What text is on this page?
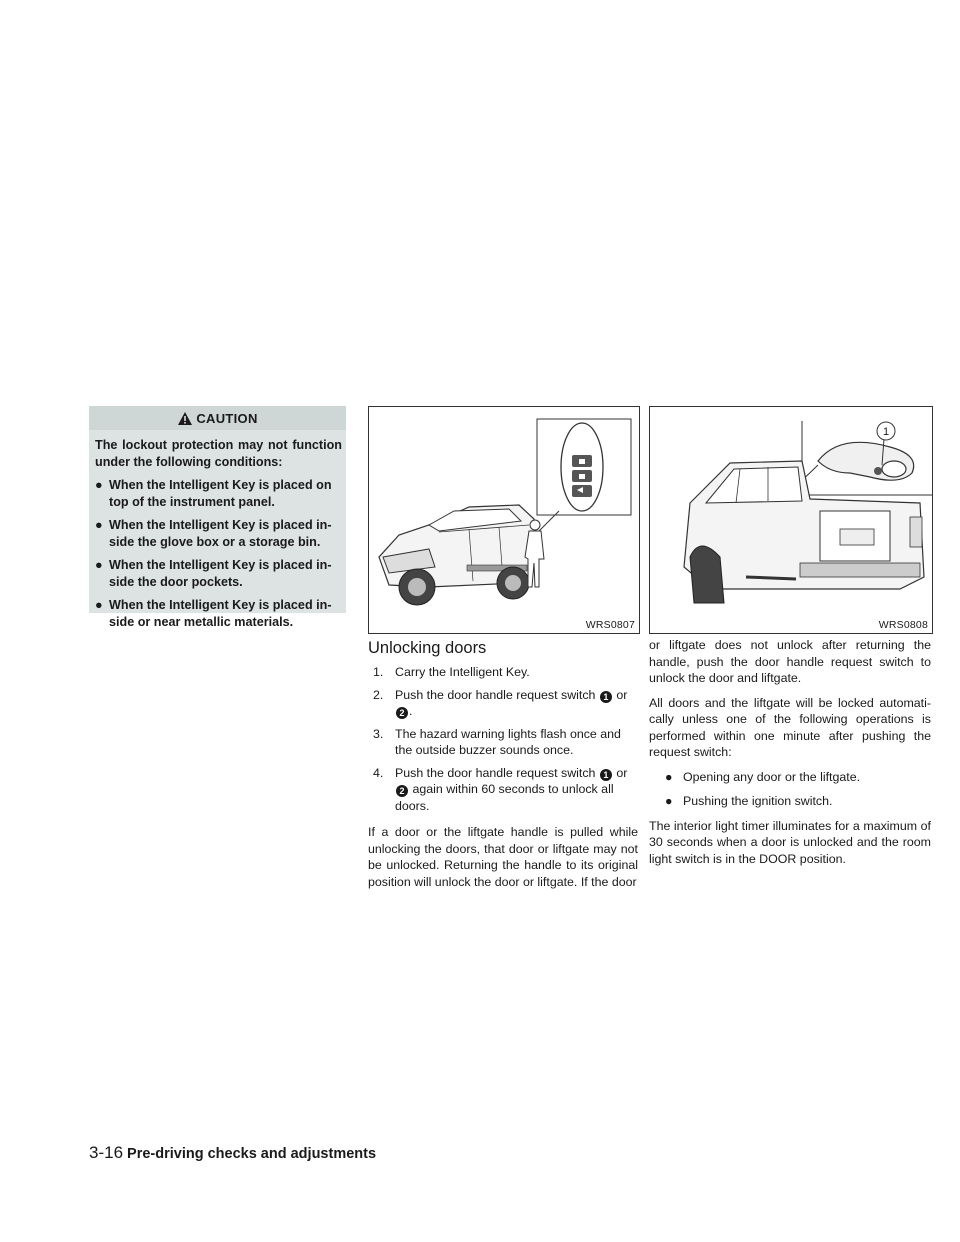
CAUTION

The lockout protection may not function under the following conditions:

● When the Intelligent Key is placed on top of the instrument panel.
● When the Intelligent Key is placed in- side the glove box or a storage bin.
● When the Intelligent Key is placed in- side the door pockets.
● When the Intelligent Key is placed in- side or near metallic materials.	WRS0807
1
WRS0808
Unlocking doors
1. Carry the Intelligent Key.
2. Push the door handle request switch 1 or
2 .
3. The hazard warning lights flash once and the outside buzzer sounds once.
4. Push the door handle request switch 1 or
2 again within 60 seconds to unlock all doors.

If a door or the liftgate handle is pulled while unlocking the doors, that door or liftgate may not be unlocked. Returning the handle to its original position will unlock the door or liftgate. If the door

or liftgate does not unlock after returning the handle, push the door handle request switch to unlock the door and liftgate.

All doors and the liftgate will be locked automati- cally unless one of the following operations is performed within one minute after pushing the request switch:

● Opening any door or the liftgate.
● Pushing the ignition switch.

The interior light timer illuminates for a maximum of 30 seconds when a door is unlocked and the room light switch is in the DOOR position.

3-16 Pre-driving checks and adjustments
